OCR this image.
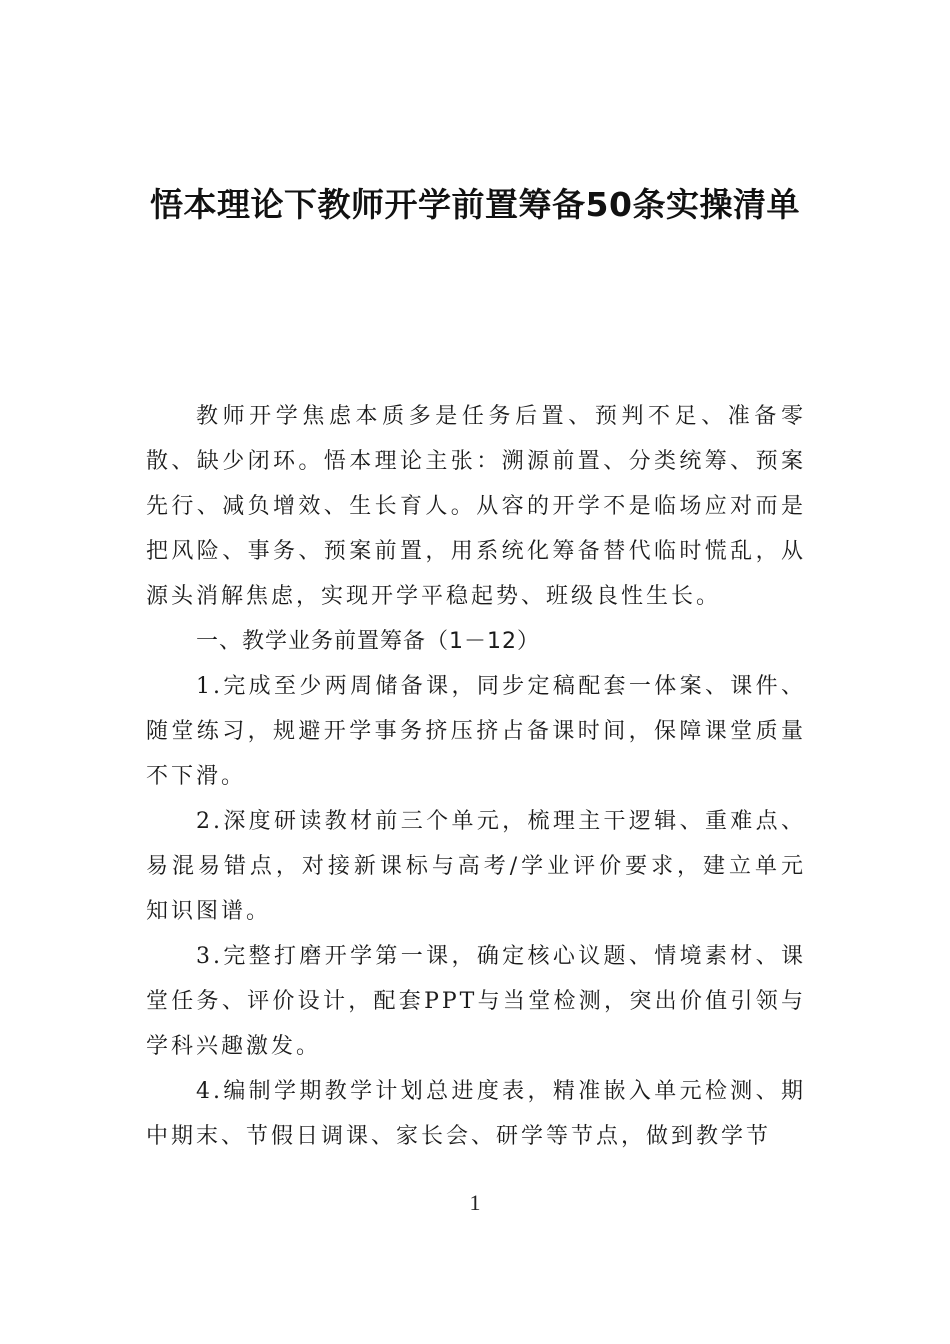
悟本理论下教师开学前置筹备50条实操清单

教师开学焦虑本质多是任务后置、预判不足、准备零散、缺少闭环。悟本理论主张：溯源前置、分类统筹、预案先行、减负增效、生长育人。从容的开学不是临场应对而是把风险、事务、预案前置，用系统化筹备替代临时慌乱，从源头消解焦虑，实现开学平稳起势、班级良性生长。

一、教学业务前置筹备（1－12）

1.完成至少两周储备课，同步定稿配套一体案、课件、随堂练习，规避开学事务挤压挤占备课时间，保障课堂质量不下滑。

2.深度研读教材前三个单元，梳理主干逻辑、重难点、易混易错点，对接新课标与高考/学业评价要求，建立单元知识图谱。

3.完整打磨开学第一课，确定核心议题、情境素材、课堂任务、评价设计，配套PPT与当堂检测，突出价值引领与学科兴趣激发。

4.编制学期教学计划总进度表，精准嵌入单元检测、期中期末、节假日调课、家长会、研学等节点，做到教学节

1
